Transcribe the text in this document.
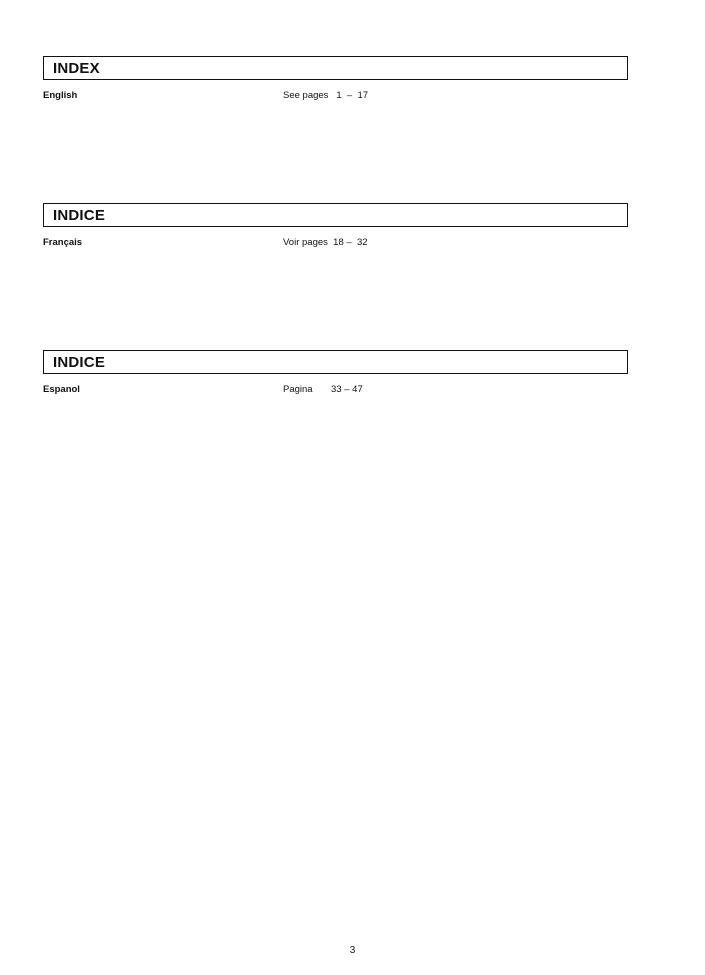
INDEX
English	See pages   1  –  17
INDICE
Français	Voir pages  18 –  32
INDICE
Espanol	Pagina       33 – 47
3
